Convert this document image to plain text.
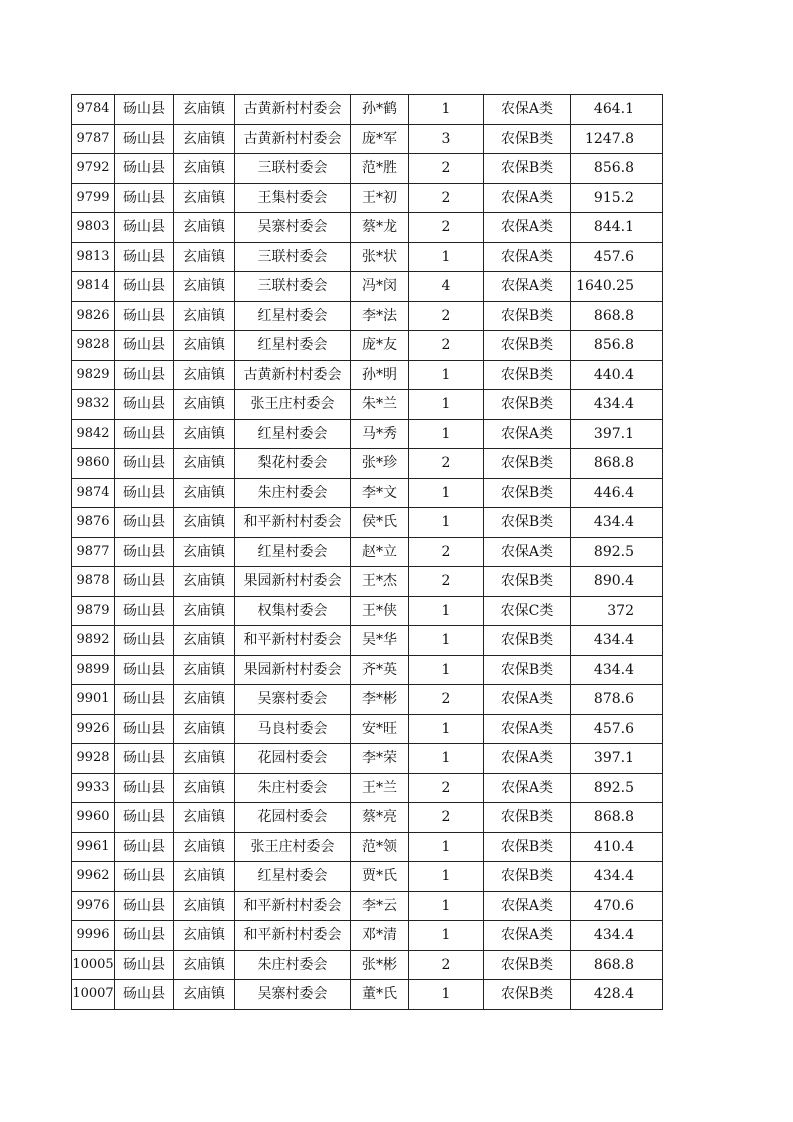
9784	砀山县	玄庙镇	古黄新村村委会	孙*鹤	1	农保A类	464.1
9787	砀山县	玄庙镇	古黄新村村委会	庞*军	3	农保B类	1247.8
9792	砀山县	玄庙镇	三联村委会	范*胜	2	农保B类	856.8
9799	砀山县	玄庙镇	王集村委会	王*初	2	农保A类	915.2
9803	砀山县	玄庙镇	吴寨村委会	蔡*龙	2	农保A类	844.1
9813	砀山县	玄庙镇	三联村委会	张*状	1	农保A类	457.6
9814	砀山县	玄庙镇	三联村委会	冯*闵	4	农保A类	1640.25
9826	砀山县	玄庙镇	红星村委会	李*法	2	农保B类	868.8
9828	砀山县	玄庙镇	红星村委会	庞*友	2	农保B类	856.8
9829	砀山县	玄庙镇	古黄新村村委会	孙*明	1	农保B类	440.4
9832	砀山县	玄庙镇	张王庄村委会	朱*兰	1	农保B类	434.4
9842	砀山县	玄庙镇	红星村委会	马*秀	1	农保A类	397.1
9860	砀山县	玄庙镇	梨花村委会	张*珍	2	农保B类	868.8
9874	砀山县	玄庙镇	朱庄村委会	李*文	1	农保B类	446.4
9876	砀山县	玄庙镇	和平新村村委会	侯*氏	1	农保B类	434.4
9877	砀山县	玄庙镇	红星村委会	赵*立	2	农保A类	892.5
9878	砀山县	玄庙镇	果园新村村委会	王*杰	2	农保B类	890.4
9879	砀山县	玄庙镇	权集村委会	王*侠	1	农保C类	372
9892	砀山县	玄庙镇	和平新村村委会	吴*华	1	农保B类	434.4
9899	砀山县	玄庙镇	果园新村村委会	齐*英	1	农保B类	434.4
9901	砀山县	玄庙镇	吴寨村委会	李*彬	2	农保A类	878.6
9926	砀山县	玄庙镇	马良村委会	安*旺	1	农保A类	457.6
9928	砀山县	玄庙镇	花园村委会	李*荣	1	农保A类	397.1
9933	砀山县	玄庙镇	朱庄村委会	王*兰	2	农保A类	892.5
9960	砀山县	玄庙镇	花园村委会	蔡*亮	2	农保B类	868.8
9961	砀山县	玄庙镇	张王庄村委会	范*领	1	农保B类	410.4
9962	砀山县	玄庙镇	红星村委会	贾*氏	1	农保B类	434.4
9976	砀山县	玄庙镇	和平新村村委会	李*云	1	农保A类	470.6
9996	砀山县	玄庙镇	和平新村村委会	邓*清	1	农保A类	434.4
10005	砀山县	玄庙镇	朱庄村委会	张*彬	2	农保B类	868.8
10007	砀山县	玄庙镇	吴寨村委会	董*氏	1	农保B类	428.4
